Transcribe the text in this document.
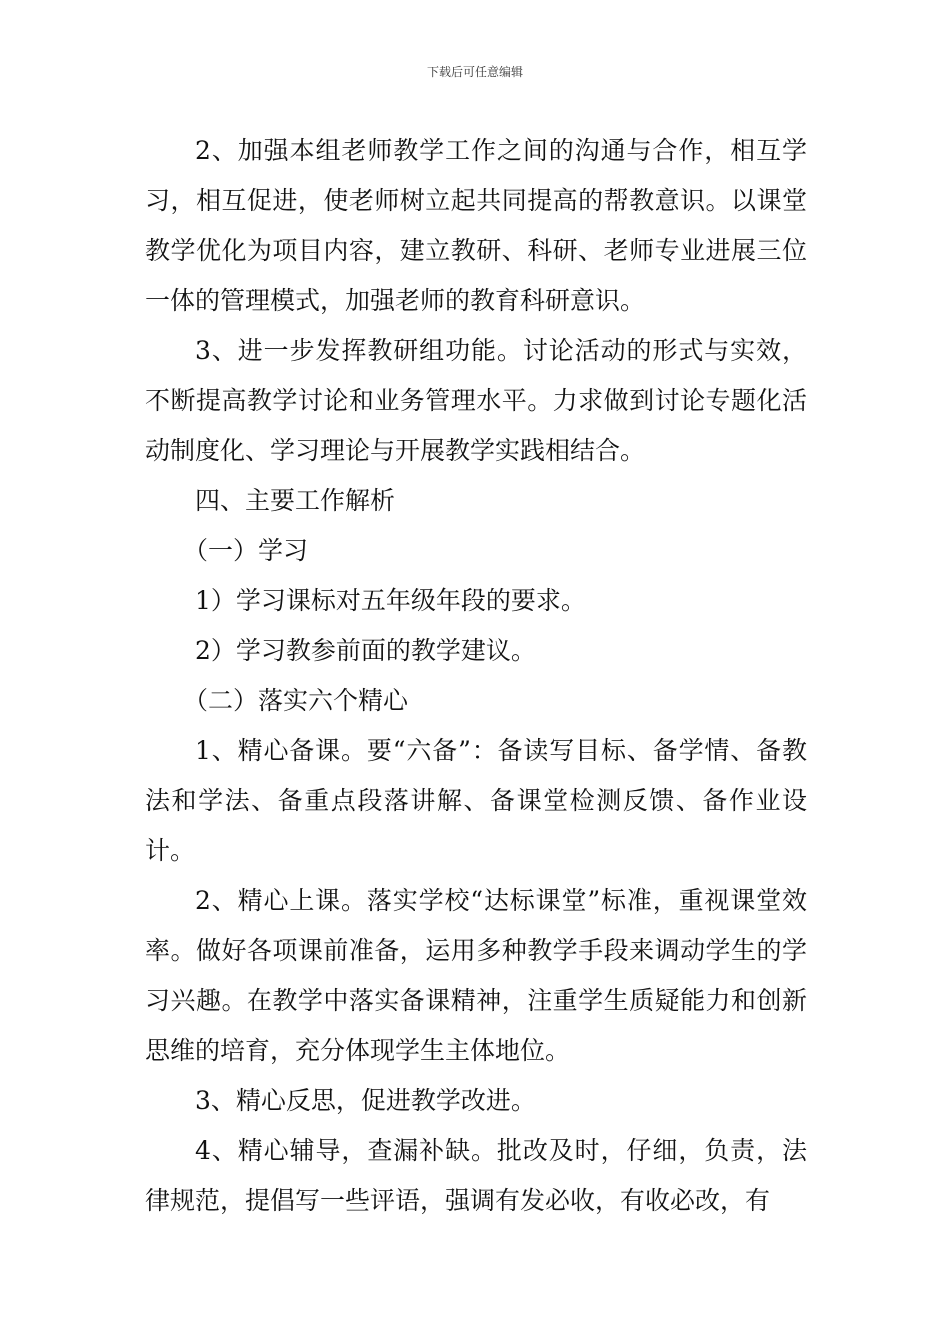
下载后可任意编辑

2、加强本组老师教学工作之间的沟通与合作，相互学习，相互促进，使老师树立起共同提高的帮教意识。以课堂教学优化为项目内容，建立教研、科研、老师专业进展三位一体的管理模式，加强老师的教育科研意识。

3、进一步发挥教研组功能。讨论活动的形式与实效，不断提高教学讨论和业务管理水平。力求做到讨论专题化活动制度化、学习理论与开展教学实践相结合。

四、主要工作解析

（一）学习

1）学习课标对五年级年段的要求。

2）学习教参前面的教学建议。

（二）落实六个精心

1、精心备课。要“六备”：备读写目标、备学情、备教法和学法、备重点段落讲解、备课堂检测反馈、备作业设计。

2、精心上课。落实学校“达标课堂”标准，重视课堂效率。做好各项课前准备，运用多种教学手段来调动学生的学习兴趣。在教学中落实备课精神，注重学生质疑能力和创新思维的培育，充分体现学生主体地位。

3、精心反思，促进教学改进。

4、精心辅导，查漏补缺。批改及时，仔细，负责，法律规范，提倡写一些评语，强调有发必收，有收必改，有
